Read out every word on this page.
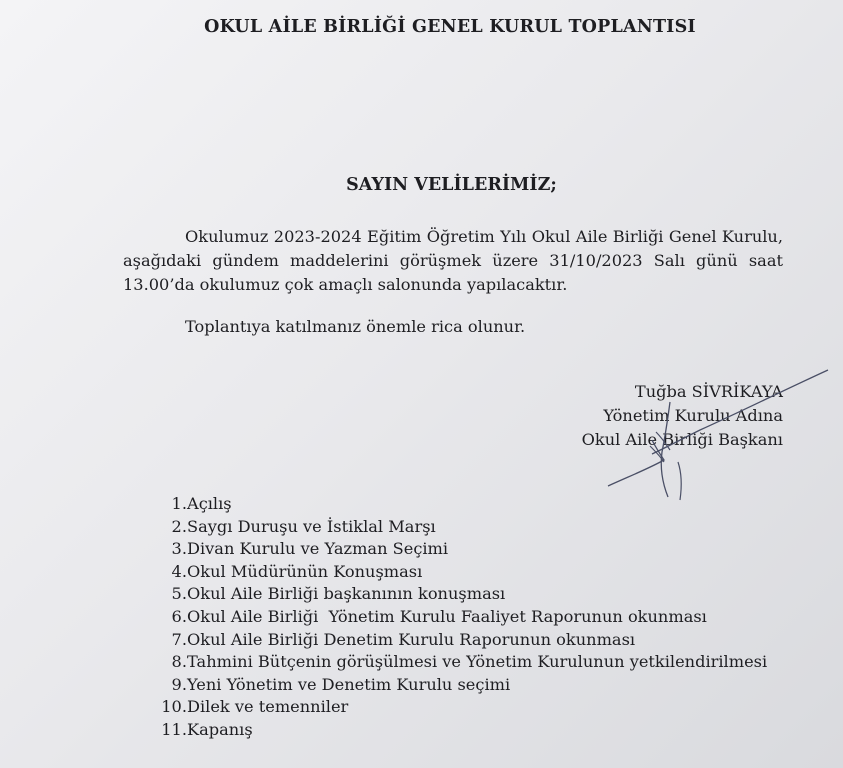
OKUL AİLE BİRLİĞİ GENEL KURUL TOPLANTISI
SAYIN VELİLERİMİZ;
Okulumuz 2023-2024 Eğitim Öğretim Yılı Okul Aile Birliği Genel Kurulu, aşağıdaki gündem maddelerini görüşmek üzere 31/10/2023 Salı günü saat 13.00’da okulumuz çok amaçlı salonunda yapılacaktır.
Toplantıya katılmanız önemle rica olunur.
Tuğba SİVRİKAYA
Yönetim Kurulu Adına
Okul Aile Birliği Başkanı
1. Açılış
2. Saygı Duruşu ve İstiklal Marşı
3. Divan Kurulu ve Yazman Seçimi
4. Okul Müdürünün Konuşması
5. Okul Aile Birliği başkanının konuşması
6. Okul Aile Birliği  Yönetim Kurulu Faaliyet Raporunun okunması
7. Okul Aile Birliği Denetim Kurulu Raporunun okunması
8. Tahmini Bütçenin görüşülmesi ve Yönetim Kurulunun yetkilendirilmesi
9. Yeni Yönetim ve Denetim Kurulu seçimi
10. Dilek ve temenniler
11. Kapanış
